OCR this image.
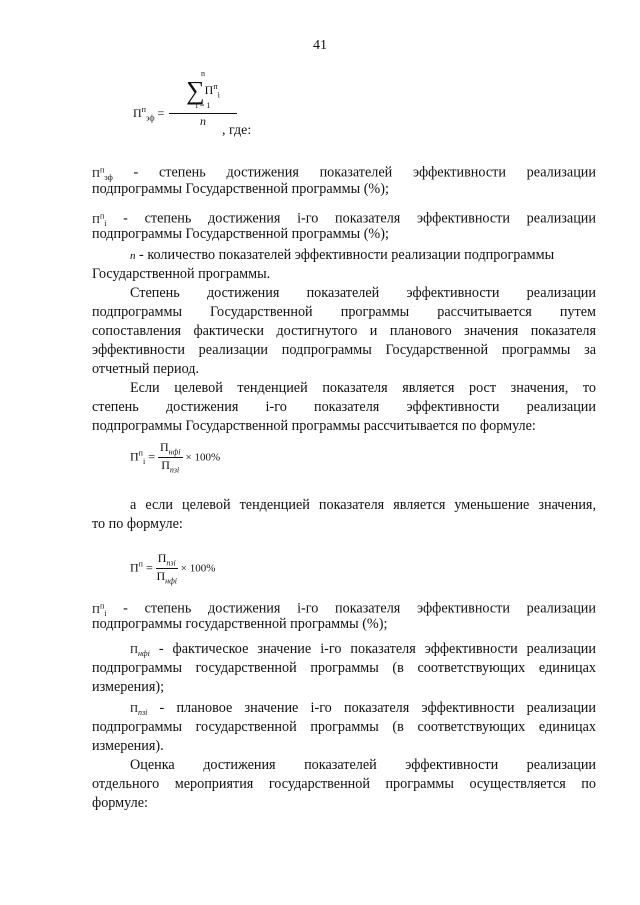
41
$П^п_{эф}$ =
n
∑ $П^п_i$
i = 1
n
, где:
$П^п_{эф}$ - степень достижения показателей эффективности реализации
подпрограммы Государственной программы (%);
$П^п_i$ - степень достижения i-го показателя эффективности реализации
подпрограммы Государственной программы (%);
n - количество показателей эффективности реализации подпрограммы
Государственной программы.
Степень достижения показателей эффективности реализации
подпрограммы Государственной программы рассчитывается путем
сопоставления фактически достигнутого и планового значения показателя
эффективности реализации подпрограммы Государственной программы за
отчетный период.
Если целевой тенденцией показателя является рост значения, то
степень достижения i-го показателя эффективности реализации
подпрограммы Государственной программы рассчитывается по формуле:
$П^п_i = \frac{П_{нфi}}{П_{пзi}} \times 100\%$
а если целевой тенденцией показателя является уменьшение значения,
то по формуле:
$П^п = \frac{П_{пзi}}{П_{нфi}} \times 100\%$
$П^п_i$ - степень достижения i-го показателя эффективности реализации
подпрограммы государственной программы (%);
$П_{нфi}$ - фактическое значение i-го показателя эффективности реализации
подпрограммы государственной программы (в соответствующих единицах
измерения);
$П_{пзi}$ - плановое значение i-го показателя эффективности реализации
подпрограммы государственной программы (в соответствующих единицах
измерения).
Оценка достижения показателей эффективности реализации
отдельного мероприятия государственной программы осуществляется по
формуле:
